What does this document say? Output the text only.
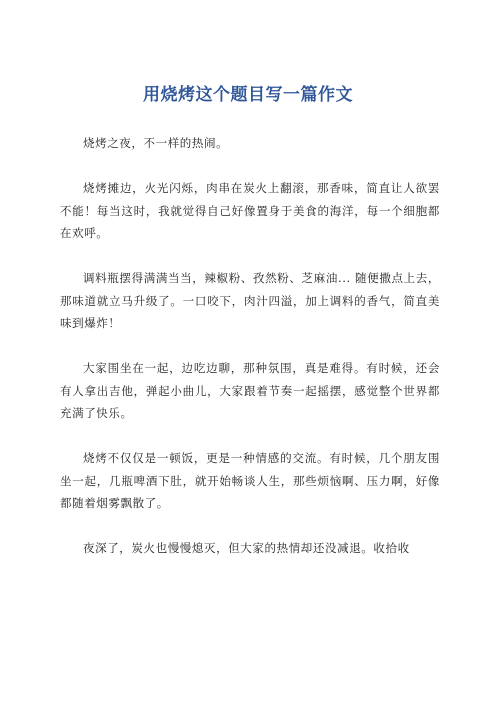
用烧烤这个题目写一篇作文

烧烤之夜，不一样的热闹。

烧烤摊边，火光闪烁，肉串在炭火上翻滚，那香味，简直让人欲罢不能！每当这时，我就觉得自己好像置身于美食的海洋，每一个细胞都在欢呼。

调料瓶摆得满满当当，辣椒粉、孜然粉、芝麻油... 随便撒点上去，那味道就立马升级了。一口咬下，肉汁四溢，加上调料的香气，简直美味到爆炸！

大家围坐在一起，边吃边聊，那种氛围，真是难得。有时候，还会有人拿出吉他，弹起小曲儿，大家跟着节奏一起摇摆，感觉整个世界都充满了快乐。

烧烤不仅仅是一顿饭，更是一种情感的交流。有时候，几个朋友围坐一起，几瓶啤酒下肚，就开始畅谈人生，那些烦恼啊、压力啊，好像都随着烟雾飘散了。

夜深了，炭火也慢慢熄灭，但大家的热情却还没减退。收拾收
